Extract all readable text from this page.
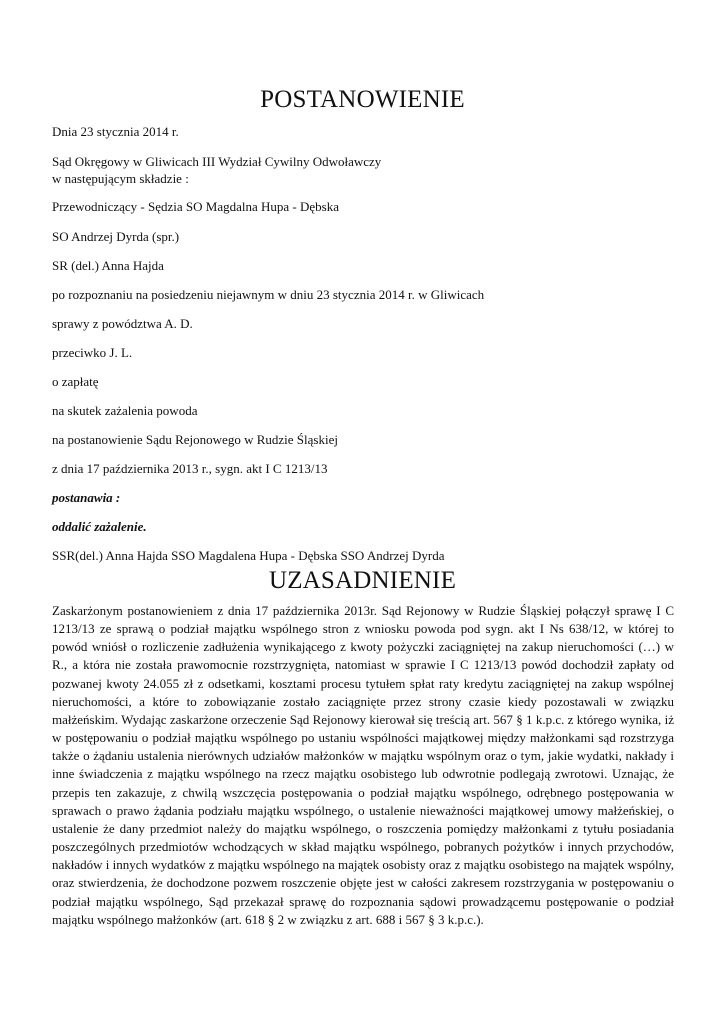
POSTANOWIENIE
Dnia 23 stycznia 2014 r.
Sąd Okręgowy w Gliwicach III Wydział Cywilny Odwoławczy
w następującym składzie :
Przewodniczący - Sędzia SO Magdalna Hupa - Dębska
SO Andrzej Dyrda (spr.)
SR (del.) Anna Hajda
po rozpoznaniu na posiedzeniu niejawnym w dniu 23 stycznia 2014 r. w Gliwicach
sprawy z powództwa A. D.
przeciwko J. L.
o zapłatę
na skutek zażalenia powoda
na postanowienie Sądu Rejonowego w Rudzie Śląskiej
z dnia 17 października 2013 r., sygn. akt I C 1213/13
postanawia :
oddalić zażalenie.
SSR(del.) Anna Hajda SSO Magdalena Hupa - Dębska SSO Andrzej Dyrda
UZASADNIENIE
Zaskarżonym postanowieniem z dnia 17 października 2013r. Sąd Rejonowy w Rudzie Śląskiej połączył sprawę I C 1213/13 ze sprawą o podział majątku wspólnego stron z wniosku powoda pod sygn. akt I Ns 638/12, w której to powód wniósł o rozliczenie zadłużenia wynikającego z kwoty pożyczki zaciągniętej na zakup nieruchomości (…) w R., a która nie została prawomocnie rozstrzygnięta, natomiast w sprawie I C 1213/13 powód dochodził zapłaty od pozwanej kwoty 24.055 zł z odsetkami, kosztami procesu tytułem spłat raty kredytu zaciągniętej na zakup wspólnej nieruchomości, a które to zobowiązanie zostało zaciągnięte przez strony czasie kiedy pozostawali w związku małżeńskim. Wydając zaskarżone orzeczenie Sąd Rejonowy kierował się treścią art. 567 § 1 k.p.c. z którego wynika, iż w postępowaniu o podział majątku wspólnego po ustaniu wspólności majątkowej między małżonkami sąd rozstrzyga także o żądaniu ustalenia nierównych udziałów małżonków w majątku wspólnym oraz o tym, jakie wydatki, nakłady i inne świadczenia z majątku wspólnego na rzecz majątku osobistego lub odwrotnie podlegają zwrotowi. Uznając, że przepis ten zakazuje, z chwilą wszczęcia postępowania o podział majątku wspólnego, odrębnego postępowania w sprawach o prawo żądania podziału majątku wspólnego, o ustalenie nieważności majątkowej umowy małżeńskiej, o ustalenie że dany przedmiot należy do majątku wspólnego, o roszczenia pomiędzy małżonkami z tytułu posiadania poszczególnych przedmiotów wchodzących w skład majątku wspólnego, pobranych pożytków i innych przychodów, nakładów i innych wydatków z majątku wspólnego na majątek osobisty oraz z majątku osobistego na majątek wspólny, oraz stwierdzenia, że dochodzone pozwem roszczenie objęte jest w całości zakresem rozstrzygania w postępowaniu o podział majątku wspólnego, Sąd przekazał sprawę do rozpoznania sądowi prowadzącemu postępowanie o podział majątku wspólnego małżonków (art. 618 § 2 w związku z art. 688 i 567 § 3 k.p.c.).
